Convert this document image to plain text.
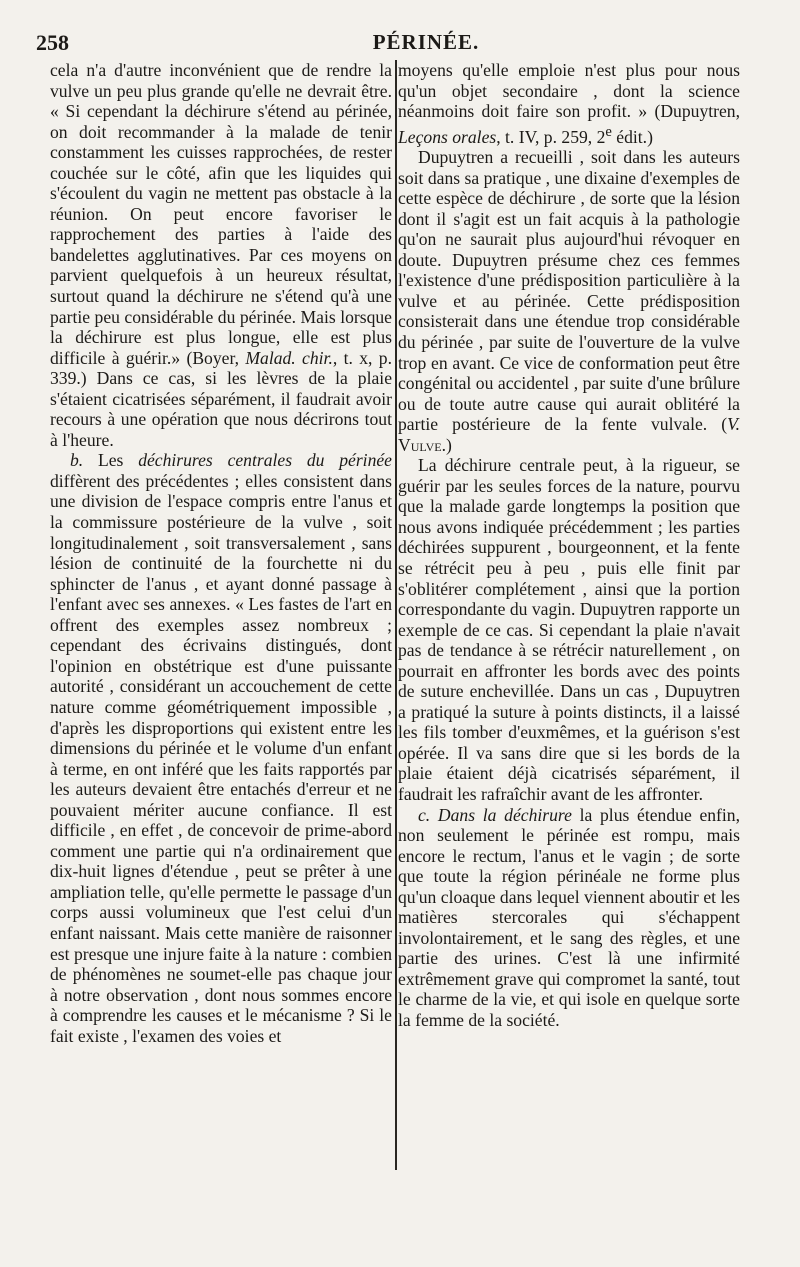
258	PÉRINÉE.

cela n'a d'autre inconvénient que de rendre la vulve un peu plus grande qu'elle ne devrait être. « Si cependant la déchirure s'étend au périnée, on doit recommander à la malade de tenir constamment les cuisses rapprochées, de rester couchée sur le côté, afin que les liquides qui s'écoulent du vagin ne mettent pas obstacle à la réunion. On peut encore favoriser le rapprochement des parties à l'aide des bandelettes agglutinatives. Par ces moyens on parvient quelquefois à un heureux résultat, surtout quand la déchirure ne s'étend qu'à une partie peu considérable du périnée. Mais lorsque la déchirure est plus longue, elle est plus difficile à guérir.» (Boyer, Malad. chir., t. x, p. 339.) Dans ce cas, si les lèvres de la plaie s'étaient cicatrisées séparément, il faudrait avoir recours à une opération que nous décrirons tout à l'heure.

b. Les déchirures centrales du périnée diffèrent des précédentes ; elles consistent dans une division de l'espace compris entre l'anus et la commissure postérieure de la vulve , soit longitudinalement , soit transversalement , sans lésion de continuité de la fourchette ni du sphincter de l'anus , et ayant donné passage à l'enfant avec ses annexes. « Les fastes de l'art en offrent des exemples assez nombreux ; cependant des écrivains distingués, dont l'opinion en obstétrique est d'une puissante autorité , considérant un accouchement de cette nature comme géométriquement impossible , d'après les disproportions qui existent entre les dimensions du périnée et le volume d'un enfant à terme, en ont inféré que les faits rapportés par les auteurs devaient être entachés d'erreur et ne pouvaient mériter aucune confiance. Il est difficile , en effet , de concevoir de prime-abord comment une partie qui n'a ordinairement que dix-huit lignes d'étendue , peut se prêter à une ampliation telle, qu'elle permette le passage d'un corps aussi volumineux que l'est celui d'un enfant naissant. Mais cette manière de raisonner est presque une injure faite à la nature : combien de phénomènes ne soumet-elle pas chaque jour à notre observation , dont nous sommes encore à comprendre les causes et le mécanisme ? Si le fait existe , l'examen des voies et

moyens qu'elle emploie n'est plus pour nous qu'un objet secondaire , dont la science néanmoins doit faire son profit. » (Dupuytren, Leçons orales, t. IV, p. 259, 2e édit.)

Dupuytren a recueilli , soit dans les auteurs soit dans sa pratique , une dixaine d'exemples de cette espèce de déchirure , de sorte que la lésion dont il s'agit est un fait acquis à la pathologie qu'on ne saurait plus aujourd'hui révoquer en doute. Dupuytren présume chez ces femmes l'existence d'une prédisposition particulière à la vulve et au périnée. Cette prédisposition consisterait dans une étendue trop considérable du périnée , par suite de l'ouverture de la vulve trop en avant. Ce vice de conformation peut être congénital ou accidentel , par suite d'une brûlure ou de toute autre cause qui aurait oblitéré la partie postérieure de la fente vulvale. (V. Vulve.)

La déchirure centrale peut, à la rigueur, se guérir par les seules forces de la nature, pourvu que la malade garde longtemps la position que nous avons indiquée précédemment ; les parties déchirées suppurent , bourgeonnent, et la fente se rétrécit peu à peu , puis elle finit par s'oblitérer complétement , ainsi que la portion correspondante du vagin. Dupuytren rapporte un exemple de ce cas. Si cependant la plaie n'avait pas de tendance à se rétrécir naturellement , on pourrait en affronter les bords avec des points de suture enchevillée. Dans un cas , Dupuytren a pratiqué la suture à points distincts, il a laissé les fils tomber d'euxmêmes, et la guérison s'est opérée. Il va sans dire que si les bords de la plaie étaient déjà cicatrisés séparément, il faudrait les rafraîchir avant de les affronter.

c. Dans la déchirure la plus étendue enfin, non seulement le périnée est rompu, mais encore le rectum, l'anus et le vagin ; de sorte que toute la région périnéale ne forme plus qu'un cloaque dans lequel viennent aboutir et les matières stercorales qui s'échappent involontairement, et le sang des règles, et une partie des urines. C'est là une infirmité extrêmement grave qui compromet la santé, tout le charme de la vie, et qui isole en quelque sorte la femme de la société.
